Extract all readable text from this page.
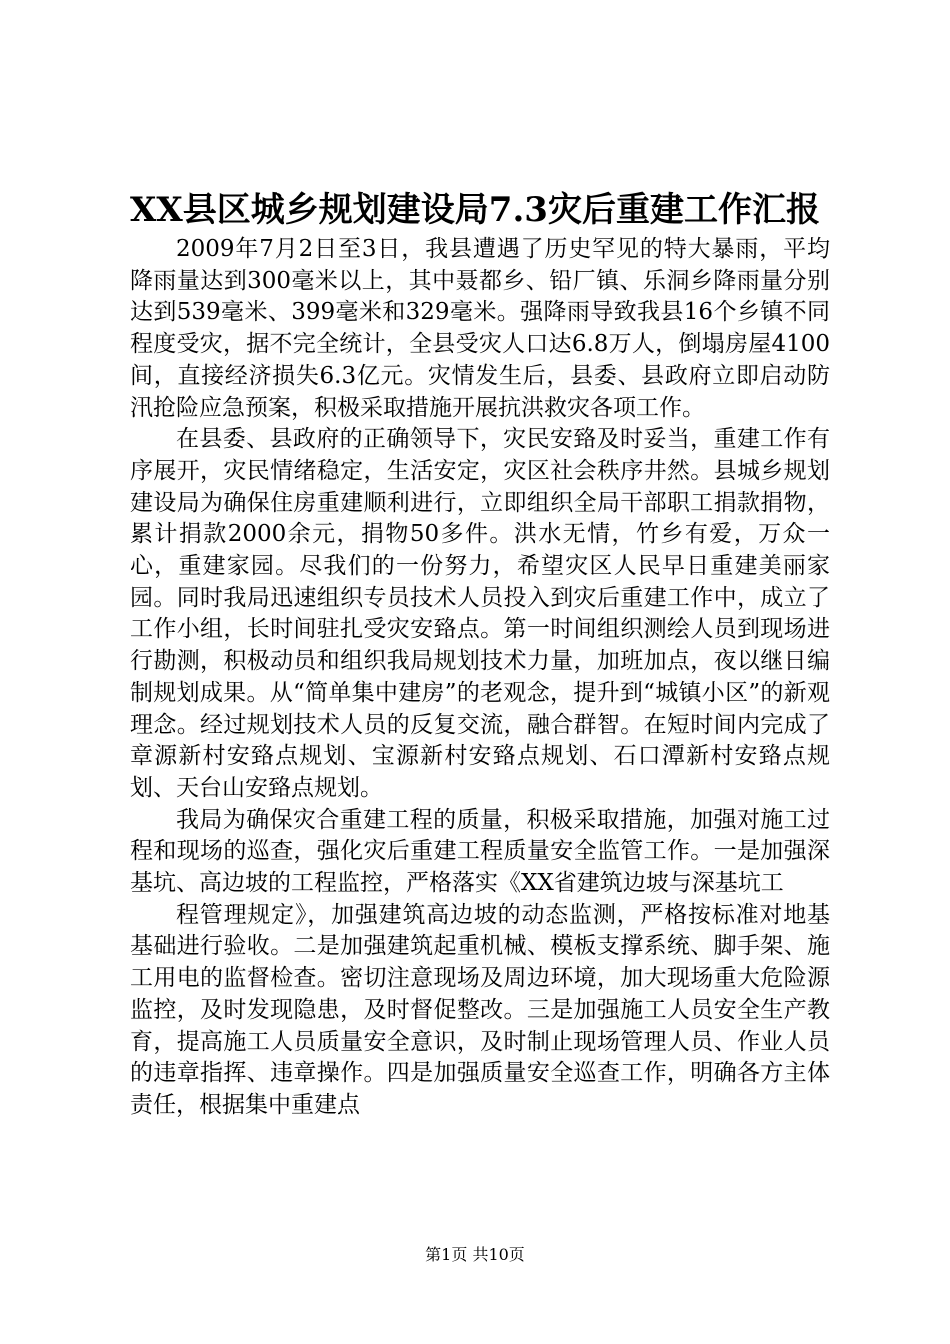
XX县区城乡规划建设局7.3灾后重建工作汇报

2009年7月2日至3日，我县遭遇了历史罕见的特大暴雨，平均降雨量达到300毫米以上，其中聂都乡、铅厂镇、乐洞乡降雨量分别达到539毫米、399毫米和329毫米。强降雨导致我县16个乡镇不同程度受灾，据不完全统计，全县受灾人口达6.8万人，倒塌房屋4100间，直接经济损失6.3亿元。灾情发生后，县委、县政府立即启动防汛抢险应急预案，积极采取措施开展抗洪救灾各项工作。

在县委、县政府的正确领导下，灾民安臵及时妥当，重建工作有序展开，灾民情绪稳定，生活安定，灾区社会秩序井然。县城乡规划建设局为确保住房重建顺利进行，立即组织全局干部职工捐款捐物，累计捐款2000余元，捐物50多件。洪水无情，竹乡有爱，万众一心，重建家园。尽我们的一份努力，希望灾区人民早日重建美丽家园。同时我局迅速组织专员技术人员投入到灾后重建工作中，成立了工作小组，长时间驻扎受灾安臵点。第一时间组织测绘人员到现场进行勘测，积极动员和组织我局规划技术力量，加班加点，夜以继日编制规划成果。从“简单集中建房”的老观念，提升到“城镇小区”的新观理念。经过规划技术人员的反复交流，融合群智。在短时间内完成了章源新村安臵点规划、宝源新村安臵点规划、石口潭新村安臵点规划、天台山安臵点规划。

我局为确保灾合重建工程的质量，积极采取措施，加强对施工过程和现场的巡查，强化灾后重建工程质量安全监管工作。一是加强深基坑、高边坡的工程监控，严格落实《XX省建筑边坡与深基坑工

程管理规定》，加强建筑高边坡的动态监测，严格按标准对地基基础进行验收。二是加强建筑起重机械、模板支撑系统、脚手架、施工用电的监督检查。密切注意现场及周边环境，加大现场重大危险源监控，及时发现隐患，及时督促整改。三是加强施工人员安全生产教育，提高施工人员质量安全意识，及时制止现场管理人员、作业人员的违章指挥、违章操作。四是加强质量安全巡查工作，明确各方主体责任，根据集中重建点

第1页 共10页
